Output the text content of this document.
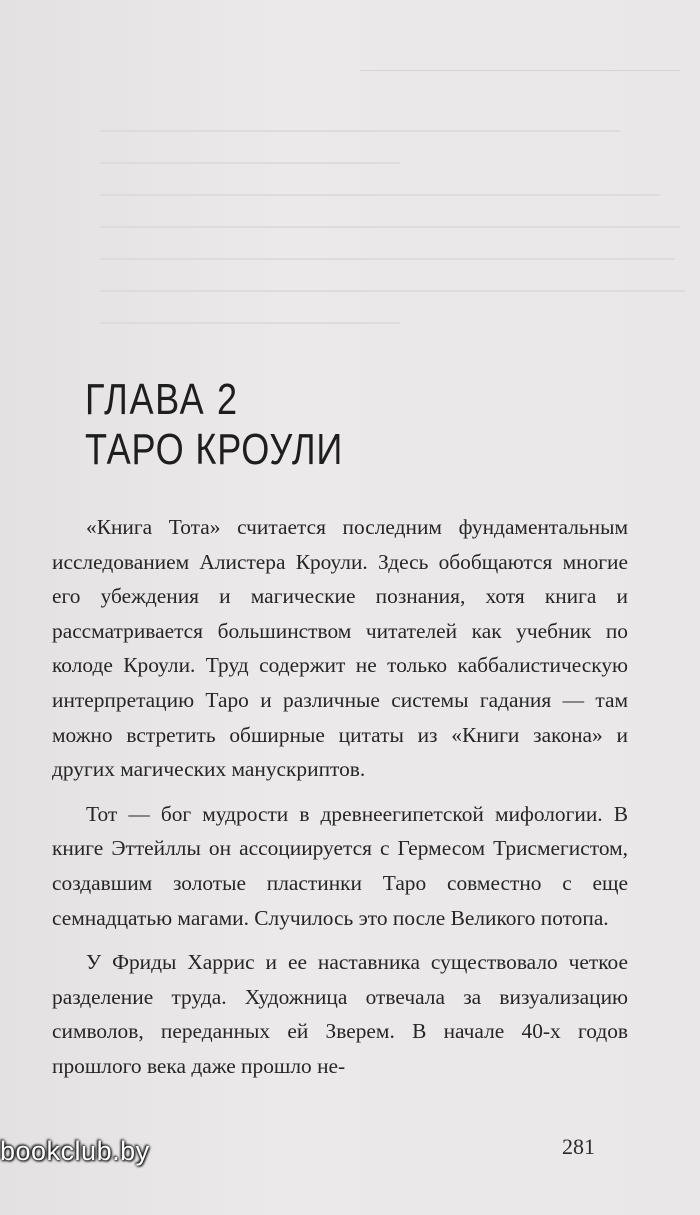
ГЛАВА 2
ТАРО КРОУЛИ

«Книга Тота» считается последним фундаментальным исследованием Алистера Кроули. Здесь обобщаются многие его убеждения и магические познания, хотя книга и рассматривается большинством читателей как учебник по колоде Кроули. Труд содержит не только каббалистическую интерпретацию Таро и различные системы гадания — там можно встретить обширные цитаты из «Книги закона» и других магических манускриптов.

Тот — бог мудрости в древнеегипетской мифологии. В книге Эттейллы он ассоциируется с Гермесом Трисмегистом, создавшим золотые пластинки Таро совместно с еще семнадцатью магами. Случилось это после Великого потопа.

У Фриды Харрис и ее наставника существовало четкое разделение труда. Художница отвечала за визуализацию символов, переданных ей Зверем. В начале 40-х годов прошлого века даже прошло не-

281
bookclub.by
